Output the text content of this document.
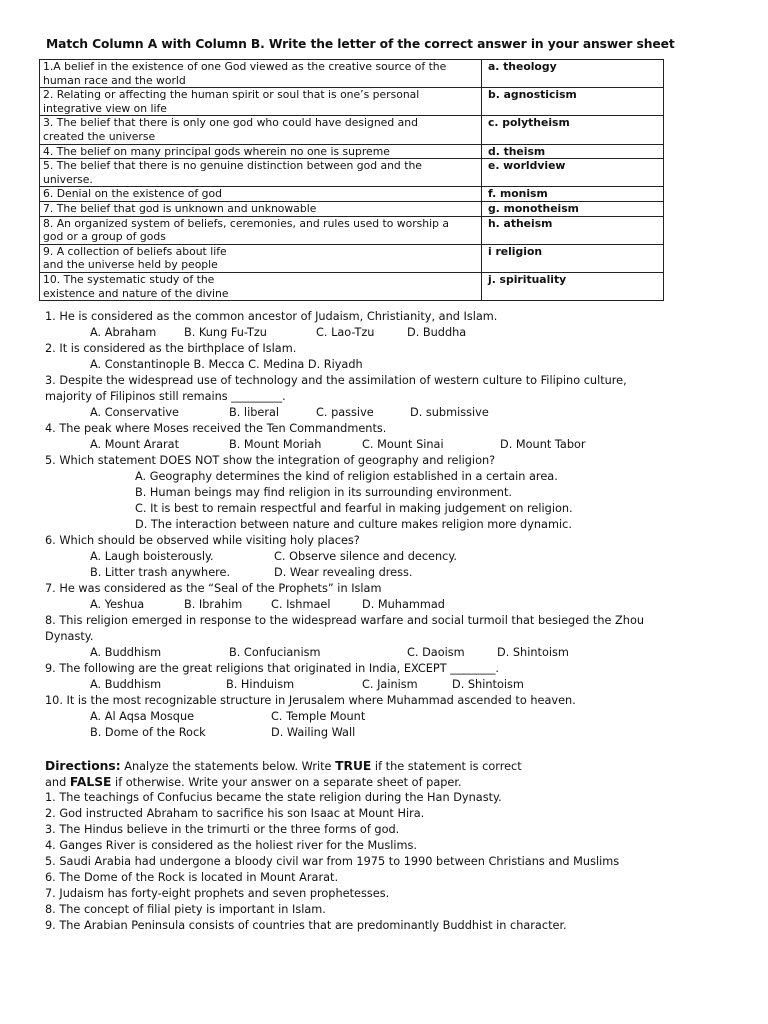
Match Column A with Column B. Write the letter of the correct answer in your answer sheet
1.A belief in the existence of one God viewed as the creative source of the
human race and the world	a. theology
2. Relating or affecting the human spirit or soul that is one’s personal
integrative view on life	b. agnosticism
3. The belief that there is only one god who could have designed and
created the universe	c. polytheism
4. The belief on many principal gods wherein no one is supreme	d. theism
5. The belief that there is no genuine distinction between god and the
universe.	e. worldview
6. Denial on the existence of god	f. monism
7. The belief that god is unknown and unknowable	g. monotheism
8. An organized system of beliefs, ceremonies, and rules used to worship a
god or a group of gods	h. atheism
9. A collection of beliefs about life
and the universe held by people	i religion
10. The systematic study of the
existence and nature of the divine	j. spirituality
1. He is considered as the common ancestor of Judaism, Christianity, and Islam.
A. Abraham B. Kung Fu-Tzu	C. Lao-Tzu	D. Buddha
2. It is considered as the birthplace of Islam.
A. Constantinople B. Mecca C. Medina D. Riyadh
3. Despite the widespread use of technology and the assimilation of western culture to Filipino culture,
majority of Filipinos still remains _________.
A. Conservative	B. liberal	C. passive	D. submissive
4. The peak where Moses received the Ten Commandments.
A. Mount Ararat	B. Mount Moriah	C. Mount Sinai	D. Mount Tabor
5. Which statement DOES NOT show the integration of geography and religion?
A. Geography determines the kind of religion established in a certain area.
B. Human beings may find religion in its surrounding environment.
C. It is best to remain respectful and fearful in making judgement on religion.
D. The interaction between nature and culture makes religion more dynamic.
6. Which should be observed while visiting holy places?
A. Laugh boisterously.	C. Observe silence and decency.
B. Litter trash anywhere.	D. Wear revealing dress.
7. He was considered as the “Seal of the Prophets” in Islam
A. Yeshua	B. Ibrahim	C. Ishmael	D. Muhammad
8. This religion emerged in response to the widespread warfare and social turmoil that besieged the Zhou
Dynasty.
A. Buddhism	B. Confucianism	C. Daoism	D. Shintoism
9. The following are the great religions that originated in India, EXCEPT ________.
A. Buddhism	B. Hinduism	C. Jainism	D. Shintoism
10. It is the most recognizable structure in Jerusalem where Muhammad ascended to heaven.
A. Al Aqsa Mosque	C. Temple Mount
B. Dome of the Rock	D. Wailing Wall
Directions: Analyze the statements below. Write TRUE if the statement is correct
and FALSE if otherwise. Write your answer on a separate sheet of paper.
1. The teachings of Confucius became the state religion during the Han Dynasty.
2. God instructed Abraham to sacrifice his son Isaac at Mount Hira.
3. The Hindus believe in the trimurti or the three forms of god.
4. Ganges River is considered as the holiest river for the Muslims.
5. Saudi Arabia had undergone a bloody civil war from 1975 to 1990 between Christians and Muslims
6. The Dome of the Rock is located in Mount Ararat.
7. Judaism has forty-eight prophets and seven prophetesses.
8. The concept of filial piety is important in Islam.
9. The Arabian Peninsula consists of countries that are predominantly Buddhist in character.
